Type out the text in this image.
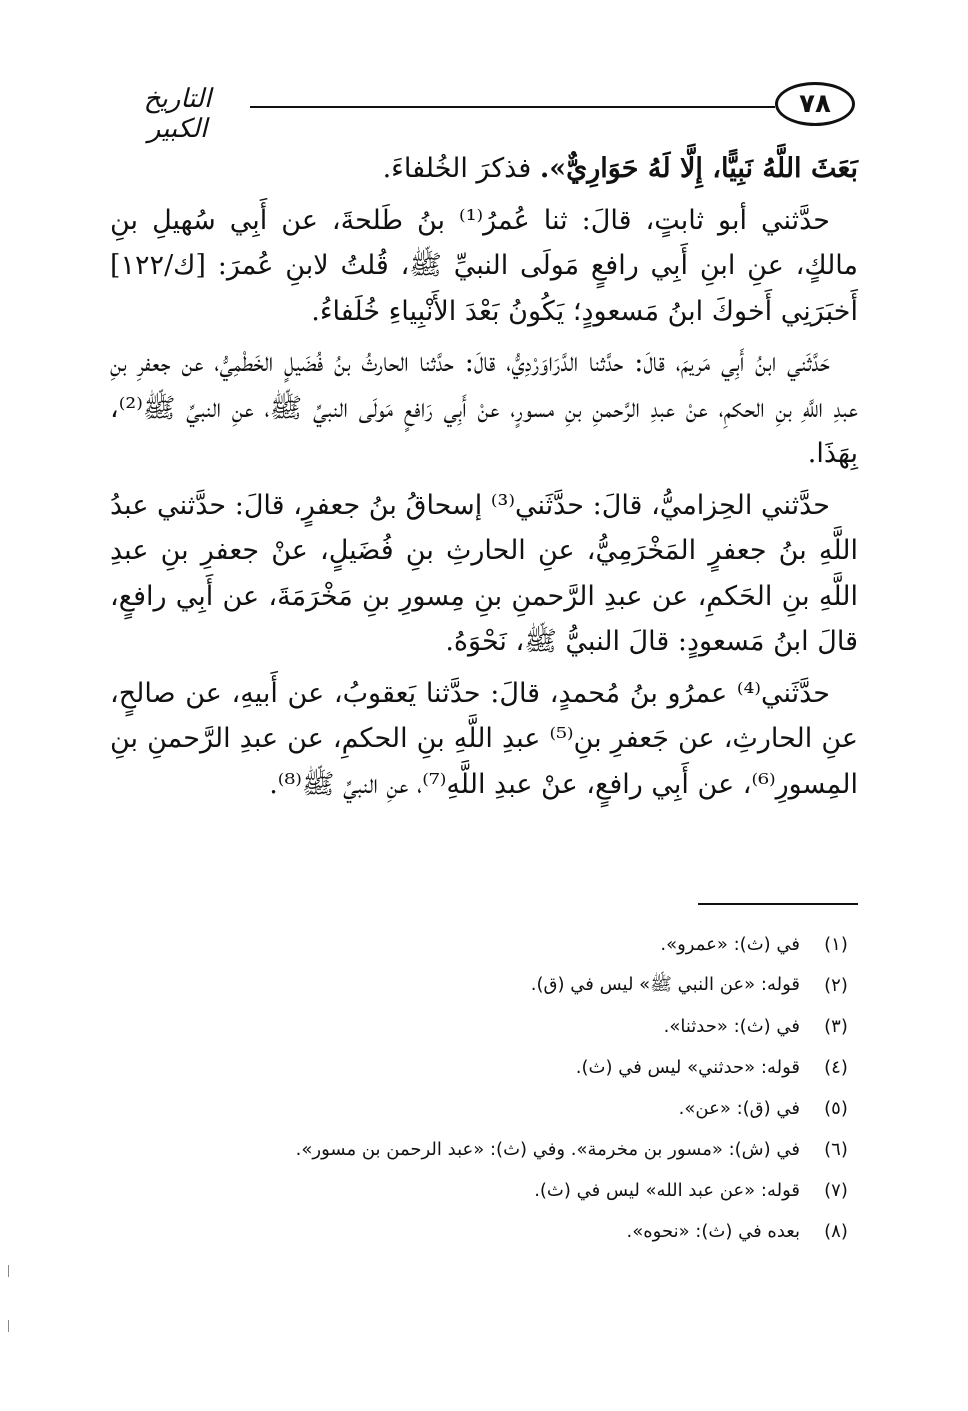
٧٨
التاريخ الكبير

بَعَثَ اللَّهُ نَبِيًّا، إِلَّا لَهُ حَوَارِيٌّ». فذكرَ الخُلفاءَ.

حدَّثني أبو ثابتٍ، قالَ: ثنا عُمرُ⁽¹⁾ بنُ طَلحةَ، عن أَبِي سُهيلِ بنِ مالكٍ، عنِ ابنِ أَبِي رافعٍ مَولَى النبيِّ ﷺ، قُلتُ لابنِ عُمرَ: [ك/١٢٢] أَخبَرَنِي أَخوكَ ابنُ مَسعودٍ؛ يَكُونُ بَعْدَ الأَنْبِياءِ خُلَفاءُ.

حَدَّثَني ابنُ أَبِي مَريمَ، قالَ: حدَّثنا الدَّرَاوَرْدِيُّ، قالَ: حدَّثنا الحارثُ بنُ فُضَيلٍ الخَطْمِيُّ، عن جعفرِ بنِ عبدِ اللَّهِ بنِ الحكمِ، عنْ عبدِ الرَّحمنِ بنِ مسورٍ، عنْ أَبِي رَافعٍ مَولَى النبيِّ ﷺ، عنِ النبيِّ ﷺ⁽²⁾، بِهَذَا.

حدَّثني الحِزاميُّ، قالَ: حدَّثَني⁽³⁾ إسحاقُ بنُ جعفرٍ، قالَ: حدَّثني عبدُ اللَّهِ بنُ جعفرٍ المَخْرَمِيُّ، عنِ الحارثِ بنِ فُضَيلٍ، عنْ جعفرِ بنِ عبدِ اللَّهِ بنِ الحَكمِ، عن عبدِ الرَّحمنِ بنِ مِسورِ بنِ مَخْرَمَةَ، عن أَبِي رافعٍ، قالَ ابنُ مَسعودٍ: قالَ النبيُّ ﷺ، نَحْوَهُ.

حدَّثَني⁽⁴⁾ عمرُو بنُ مُحمدٍ، قالَ: حدَّثنا يَعقوبُ، عن أَبيهِ، عن صالحٍ، عنِ الحارثِ، عن جَعفرِ بنِ⁽⁵⁾ عبدِ اللَّهِ بنِ الحكمِ، عن عبدِ الرَّحمنِ بنِ المِسورِ⁽⁶⁾، عن أَبِي رافعٍ، عنْ عبدِ اللَّهِ⁽⁷⁾، عنِ النبيِّ ﷺ⁽⁸⁾.

(١)
في (ث): «عمرو».
(٢)
قوله: «عن النبي ﷺ» ليس في (ق).
(٣)
في (ث): «حدثنا».
(٤)
قوله: «حدثني» ليس في (ث).
(٥)
في (ق): «عن».
(٦)
في (ش): «مسور بن مخرمة». وفي (ث): «عبد الرحمن بن مسور».
(٧)
قوله: «عن عبد الله» ليس في (ث).
(٨)
بعده في (ث): «نحوه».
